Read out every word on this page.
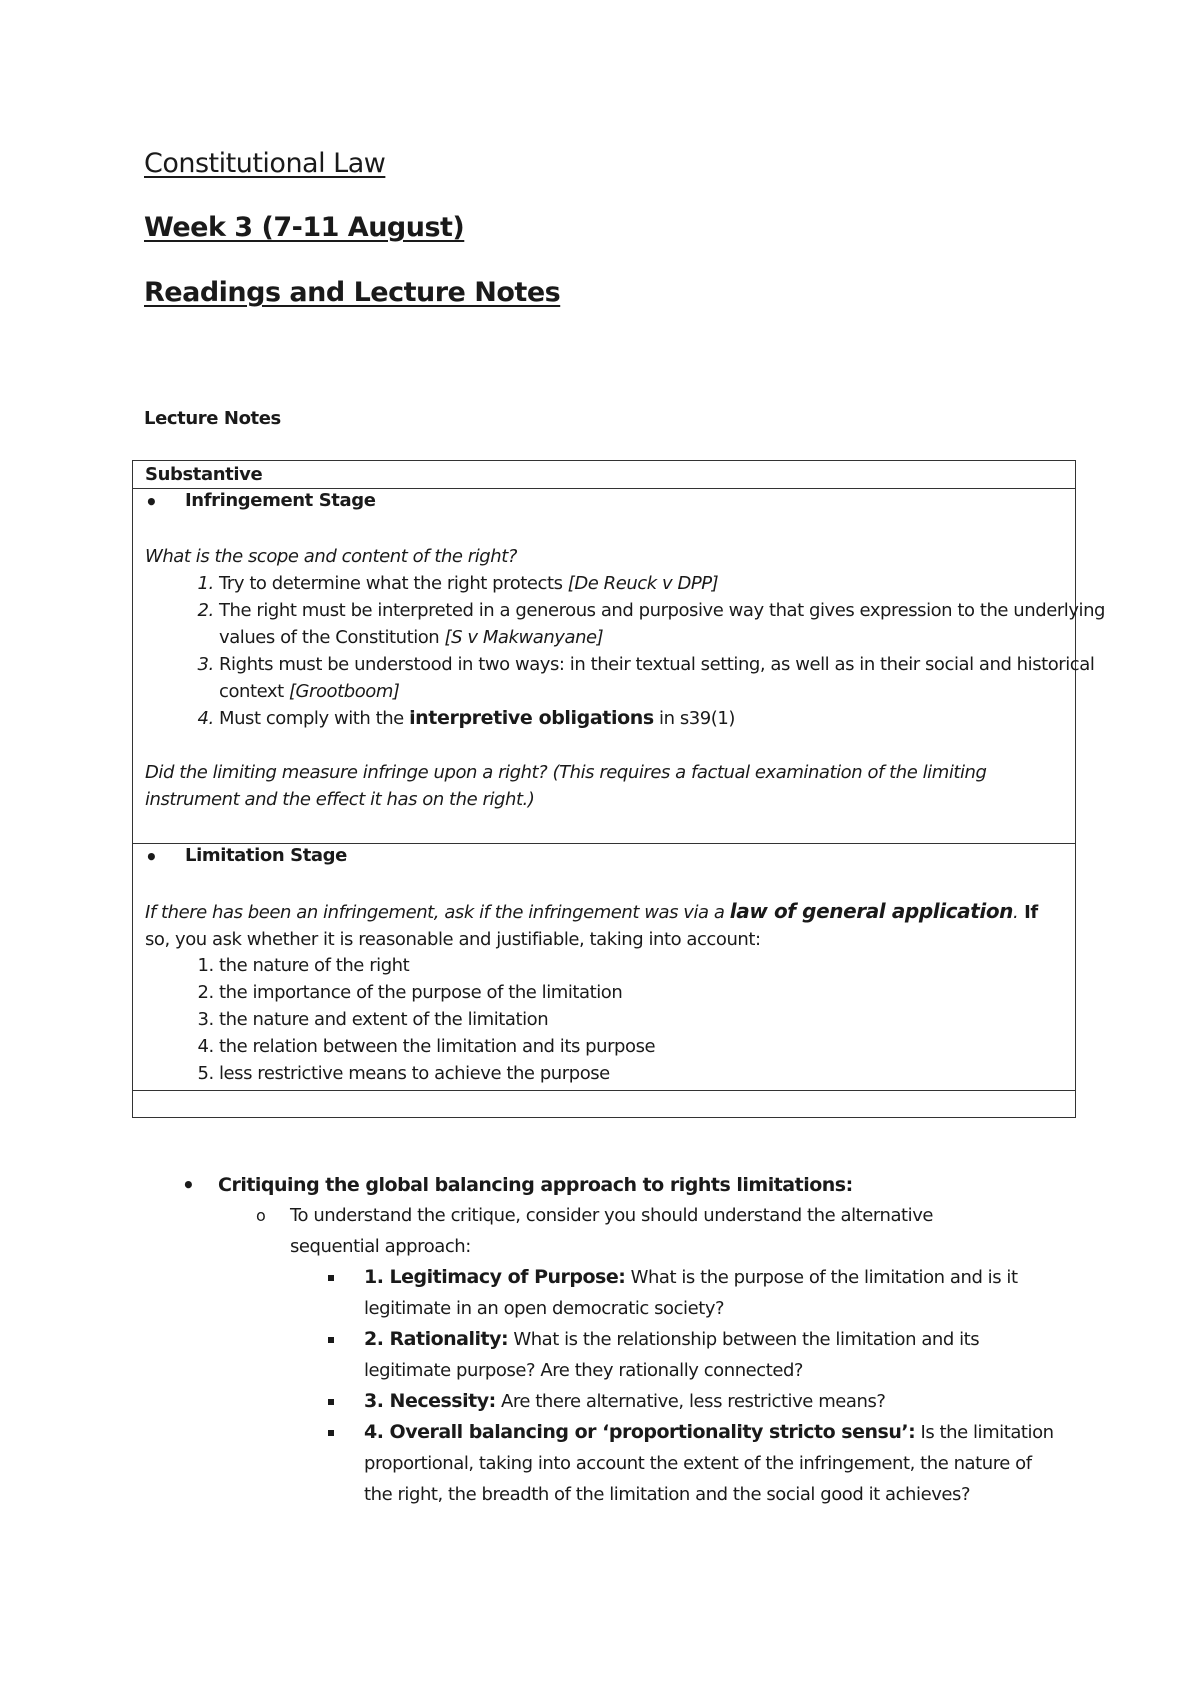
Constitutional Law
Week 3 (7-11 August)
Readings and Lecture Notes
Lecture Notes
Substantive
• Infringement Stage
What is the scope and content of the right?
1. Try to determine what the right protects [De Reuck v DPP]
2. The right must be interpreted in a generous and purposive way that gives expression to the underlying values of the Constitution [S v Makwanyane]
3. Rights must be understood in two ways: in their textual setting, as well as in their social and historical context [Grootboom]
4. Must comply with the interpretive obligations in s39(1)
Did the limiting measure infringe upon a right? (This requires a factual examination of the limiting instrument and the effect it has on the right.)
• Limitation Stage
If there has been an infringement, ask if the infringement was via a law of general application. If so, you ask whether it is reasonable and justifiable, taking into account:
1. the nature of the right
2. the importance of the purpose of the limitation
3. the nature and extent of the limitation
4. the relation between the limitation and its purpose
5. less restrictive means to achieve the purpose
• Critiquing the global balancing approach to rights limitations:
o To understand the critique, consider you should understand the alternative sequential approach:
1. Legitimacy of Purpose: What is the purpose of the limitation and is it legitimate in an open democratic society?
2. Rationality: What is the relationship between the limitation and its legitimate purpose? Are they rationally connected?
3. Necessity: Are there alternative, less restrictive means?
4. Overall balancing or ‘proportionality stricto sensu’: Is the limitation proportional, taking into account the extent of the infringement, the nature of the right, the breadth of the limitation and the social good it achieves?
